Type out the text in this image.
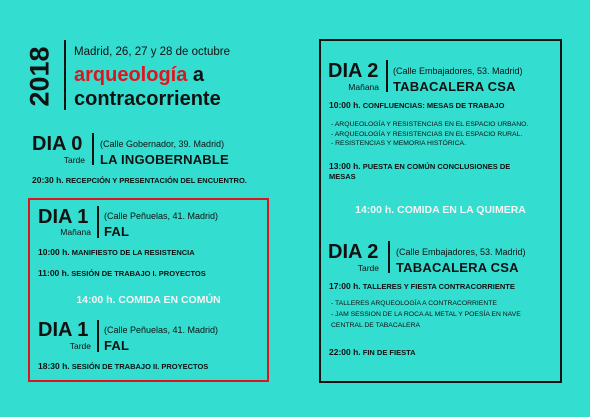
2018 Madrid, 26, 27 y 28 de octubre
arqueología a
contracorriente
DIA 0
Tarde
(Calle Gobernador, 39. Madrid)
LA INGOBERNABLE
20:30 h. RECEPCIÓN Y PRESENTACIÓN DEL ENCUENTRO.
DIA 1
Mañana
(Calle Peñuelas, 41. Madrid)
FAL
10:00 h. MANIFIESTO DE LA RESISTENCIA
11:00 h. SESIÓN DE TRABAJO I. PROYECTOS
14:00 h. COMIDA EN COMÚN
DIA 1
Tarde
(Calle Peñuelas, 41. Madrid)
FAL
18:30 h. SESIÓN DE TRABAJO II. PROYECTOS
DIA 2
Mañana
(Calle Embajadores, 53. Madrid)
TABACALERA CSA
10:00 h. CONFLUENCIAS: MESAS DE TRABAJO
- ARQUEOLOGÍA Y RESISTENCIAS EN EL ESPACIO URBANO.
- ARQUEOLOGÍA Y RESISTENCIAS EN EL ESPACIO RURAL.
- RESISTENCIAS Y MEMORIA HISTÓRICA.
13:00 h. PUESTA EN COMÚN CONCLUSIONES DE
MESAS
14:00 h. COMIDA EN LA QUIMERA
DIA 2
Tarde
(Calle Embajadores, 53. Madrid)
TABACALERA CSA
17:00 h. TALLERES Y FIESTA CONTRACORRIENTE
- TALLERES ARQUEOLOGÍA A CONTRACORRIENTE
- JAM SESSION DE LA ROCA AL METAL Y POESÍA EN NAVE
CENTRAL DE TABACALERA
22:00 h. FIN DE FIESTA
